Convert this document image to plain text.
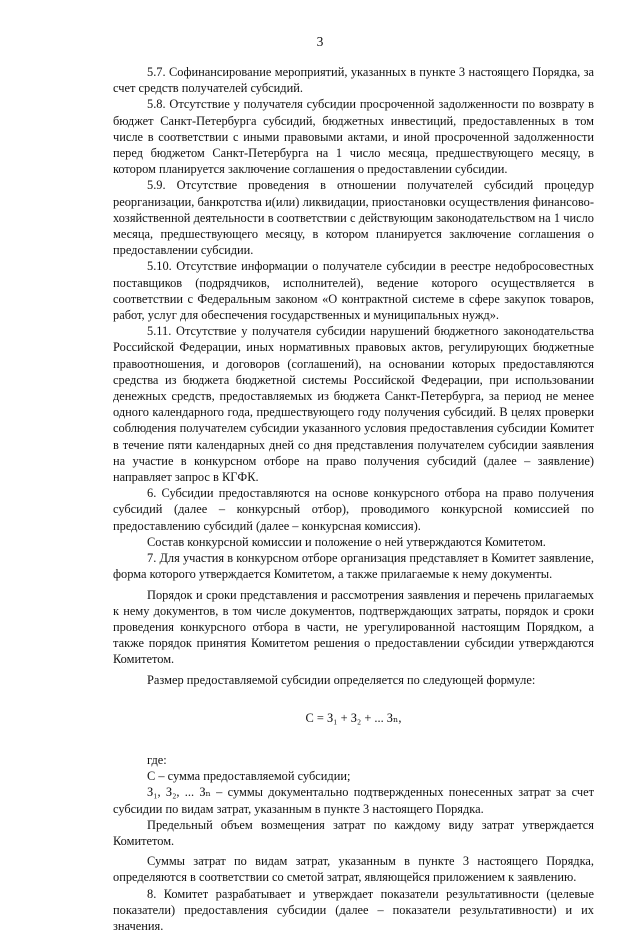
3

5.7. Софинансирование мероприятий, указанных в пункте 3 настоящего Порядка, за счет средств получателей субсидий.

5.8. Отсутствие у получателя субсидии просроченной задолженности по возврату в бюджет Санкт-Петербурга субсидий, бюджетных инвестиций, предоставленных в том числе в соответствии с иными правовыми актами, и иной просроченной задолженности перед бюджетом Санкт-Петербурга на 1 число месяца, предшествующего месяцу, в котором планируется заключение соглашения о предоставлении субсидии.

5.9. Отсутствие проведения в отношении получателей субсидий процедур реорганизации, банкротства и(или) ликвидации, приостановки осуществления финансово-хозяйственной деятельности в соответствии с действующим законодательством на 1 число месяца, предшествующего месяцу, в котором планируется заключение соглашения о предоставлении субсидии.

5.10. Отсутствие информации о получателе субсидии в реестре недобросовестных поставщиков (подрядчиков, исполнителей), ведение которого осуществляется в соответствии с Федеральным законом «О контрактной системе в сфере закупок товаров, работ, услуг для обеспечения государственных и муниципальных нужд».

5.11. Отсутствие у получателя субсидии нарушений бюджетного законодательства Российской Федерации, иных нормативных правовых актов, регулирующих бюджетные правоотношения, и договоров (соглашений), на основании которых предоставляются средства из бюджета бюджетной системы Российской Федерации, при использовании денежных средств, предоставляемых из бюджета Санкт-Петербурга, за период не менее одного календарного года, предшествующего году получения субсидий. В целях проверки соблюдения получателем субсидии указанного условия предоставления субсидии Комитет в течение пяти календарных дней со дня представления получателем субсидии заявления на участие в конкурсном отборе на право получения субсидий (далее – заявление) направляет запрос в КГФК.

6. Субсидии предоставляются на основе конкурсного отбора на право получения субсидий (далее – конкурсный отбор), проводимого конкурсной комиссией по предоставлению субсидий (далее – конкурсная комиссия).

Состав конкурсной комиссии и положение о ней утверждаются Комитетом.

7. Для участия в конкурсном отборе организация представляет в Комитет заявление, форма которого утверждается Комитетом, а также прилагаемые к нему документы.

Порядок и сроки представления и рассмотрения заявления и перечень прилагаемых к нему документов, в том числе документов, подтверждающих затраты, порядок и сроки проведения конкурсного отбора в части, не урегулированной настоящим Порядком, а также порядок принятия Комитетом решения о предоставлении субсидии утверждаются Комитетом.

Размер предоставляемой субсидии определяется по следующей формуле:

С = З₁ + З₂ + ... Зₙ,

где:

С – сумма предоставляемой субсидии;

З₁, З₂, ... Зₙ – суммы документально подтвержденных понесенных затрат за счет субсидии по видам затрат, указанным в пункте 3 настоящего Порядка.

Предельный объем возмещения затрат по каждому виду затрат утверждается Комитетом.

Суммы затрат по видам затрат, указанным в пункте 3 настоящего Порядка, определяются в соответствии со сметой затрат, являющейся приложением к заявлению.

8. Комитет разрабатывает и утверждает показатели результативности (целевые показатели) предоставления субсидии (далее – показатели результативности) и их значения.
